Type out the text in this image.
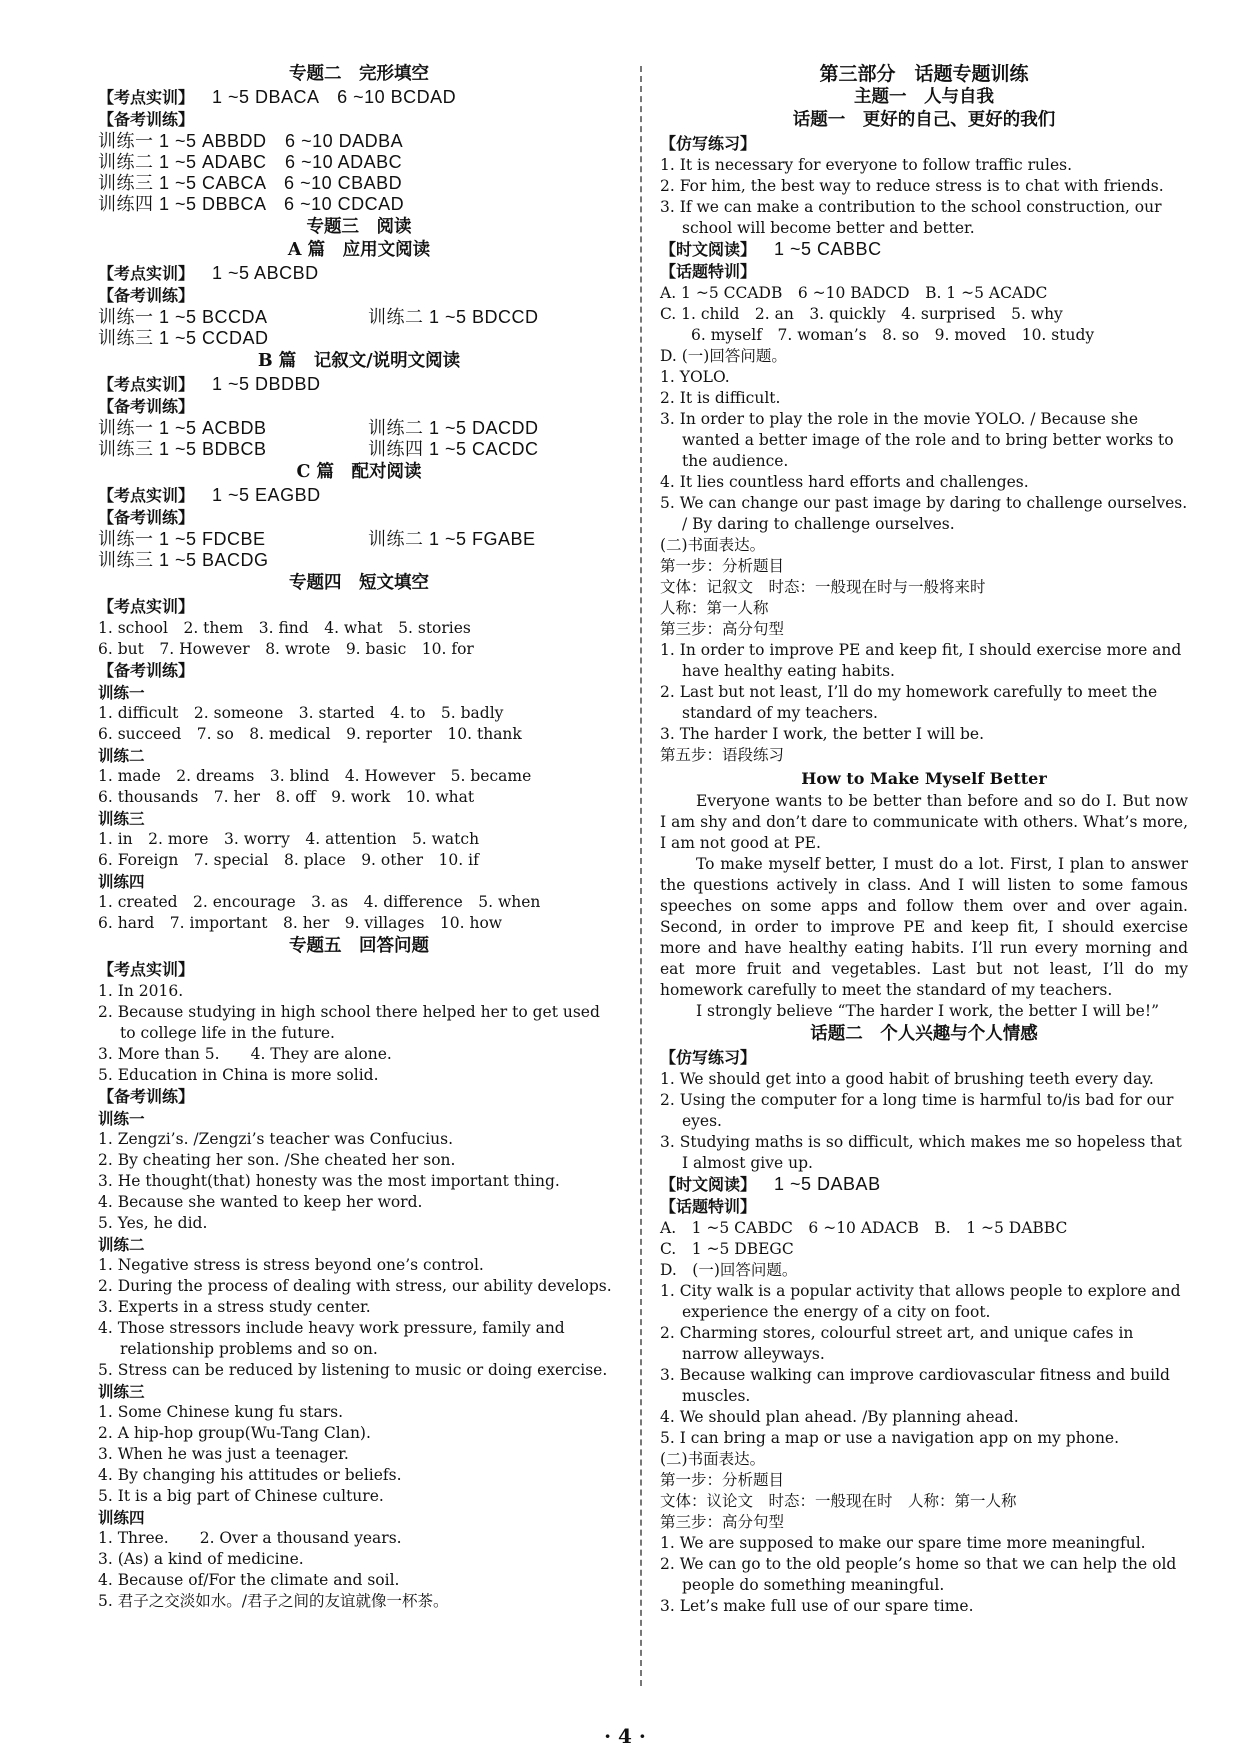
专题二　完形填空
【考点实训】 1 ~5 DBACA　6 ~10 BCDAD
【备考训练】
训练一 1 ~5 ABBDD　6 ~10 DADBA
训练二 1 ~5 ADABC　6 ~10 ADABC
训练三 1 ~5 CABCA　6 ~10 CBABD
训练四 1 ~5 DBBCA　6 ~10 CDCAD
专题三　阅读
A 篇　应用文阅读
【考点实训】 1 ~5 ABCBD
【备考训练】
训练一 1 ~5 BCCDA	训练二 1 ~5 BDCCD
训练三 1 ~5 CCDAD
B 篇　记叙文/说明文阅读
【考点实训】 1 ~5 DBDBD
【备考训练】
训练一 1 ~5 ACBDB	训练二 1 ~5 DACDD
训练三 1 ~5 BDBCB	训练四 1 ~5 CACDC
C 篇　配对阅读
【考点实训】 1 ~5 EAGBD
【备考训练】
训练一 1 ~5 FDCBE	训练二 1 ~5 FGABE
训练三 1 ~5 BACDG
专题四　短文填空
【考点实训】
1. school　2. them　3. find　4. what　5. stories
6. but　7. However　8. wrote　9. basic　10. for
【备考训练】
训练一
1. difficult　2. someone　3. started　4. to　5. badly
6. succeed　7. so　8. medical　9. reporter　10. thank
训练二
1. made　2. dreams　3. blind　4. However　5. became
6. thousands　7. her　8. off　9. work　10. what
训练三
1. in　2. more　3. worry　4. attention　5. watch
6. Foreign　7. special　8. place　9. other　10. if
训练四
1. created　2. encourage　3. as　4. difference　5. when
6. hard　7. important　8. her　9. villages　10. how
专题五　回答问题
【考点实训】
1. In 2016.
2. Because studying in high school there helped her to get used to college life in the future.
3. More than 5.　　4. They are alone.
5. Education in China is more solid.
【备考训练】
训练一
1. Zengzi’s. /Zengzi’s teacher was Confucius.
2. By cheating her son. /She cheated her son.
3. He thought(that) honesty was the most important thing.
4. Because she wanted to keep her word.
5. Yes, he did.
训练二
1. Negative stress is stress beyond one’s control.
2. During the process of dealing with stress, our ability develops.
3. Experts in a stress study center.
4. Those stressors include heavy work pressure, family and relationship problems and so on.
5. Stress can be reduced by listening to music or doing exercise.
训练三
1. Some Chinese kung fu stars.
2. A hip-hop group(Wu-Tang Clan).
3. When he was just a teenager.
4. By changing his attitudes or beliefs.
5. It is a big part of Chinese culture.
训练四
1. Three.　　2. Over a thousand years.
3. (As) a kind of medicine.
4. Because of/For the climate and soil.
5. 君子之交淡如水。/君子之间的友谊就像一杯茶。
第三部分　话题专题训练
主题一　人与自我
话题一　更好的自己、更好的我们
【仿写练习】
1. It is necessary for everyone to follow traffic rules.
2. For him, the best way to reduce stress is to chat with friends.
3. If we can make a contribution to the school construction, our school will become better and better.
【时文阅读】 1 ~5 CABBC
【话题特训】
A. 1 ~5 CCADB　6 ~10 BADCD　B. 1 ~5 ACADC
C. 1. child　2. an　3. quickly　4. surprised　5. why
　　6. myself　7. woman’s　8. so　9. moved　10. study
D. (一)回答问题。
1. YOLO.
2. It is difficult.
3. In order to play the role in the movie YOLO. / Because she wanted a better image of the role and to bring better works to the audience.
4. It lies countless hard efforts and challenges.
5. We can change our past image by daring to challenge ourselves. / By daring to challenge ourselves.
(二)书面表达。
第一步：分析题目
文体：记叙文　时态：一般现在时与一般将来时
人称：第一人称
第三步：高分句型
1. In order to improve PE and keep fit, I should exercise more and have healthy eating habits.
2. Last but not least, I’ll do my homework carefully to meet the standard of my teachers.
3. The harder I work, the better I will be.
第五步：语段练习
How to Make Myself Better
Everyone wants to be better than before and so do I. But now I am shy and don’t dare to communicate with others. What’s more, I am not good at PE.
To make myself better, I must do a lot. First, I plan to answer the questions actively in class. And I will listen to some famous speeches on some apps and follow them over and over again. Second, in order to improve PE and keep fit, I should exercise more and have healthy eating habits. I’ll run every morning and eat more fruit and vegetables. Last but not least, I’ll do my homework carefully to meet the standard of my teachers.
I strongly believe “The harder I work, the better I will be!”
话题二　个人兴趣与个人情感
【仿写练习】
1. We should get into a good habit of brushing teeth every day.
2. Using the computer for a long time is harmful to/is bad for our eyes.
3. Studying maths is so difficult, which makes me so hopeless that I almost give up.
【时文阅读】 1 ~5 DABAB
【话题特训】
A.　1 ~5 CABDC　6 ~10 ADACB　B.　1 ~5 DABBC
C.　1 ~5 DBEGC
D.　(一)回答问题。
1. City walk is a popular activity that allows people to explore and experience the energy of a city on foot.
2. Charming stores, colourful street art, and unique cafes in narrow alleyways.
3. Because walking can improve cardiovascular fitness and build muscles.
4. We should plan ahead. /By planning ahead.
5. I can bring a map or use a navigation app on my phone.
(二)书面表达。
第一步：分析题目
文体：议论文　时态：一般现在时　人称：第一人称
第三步：高分句型
1. We are supposed to make our spare time more meaningful.
2. We can go to the old people’s home so that we can help the old people do something meaningful.
3. Let’s make full use of our spare time.
· 4 ·
